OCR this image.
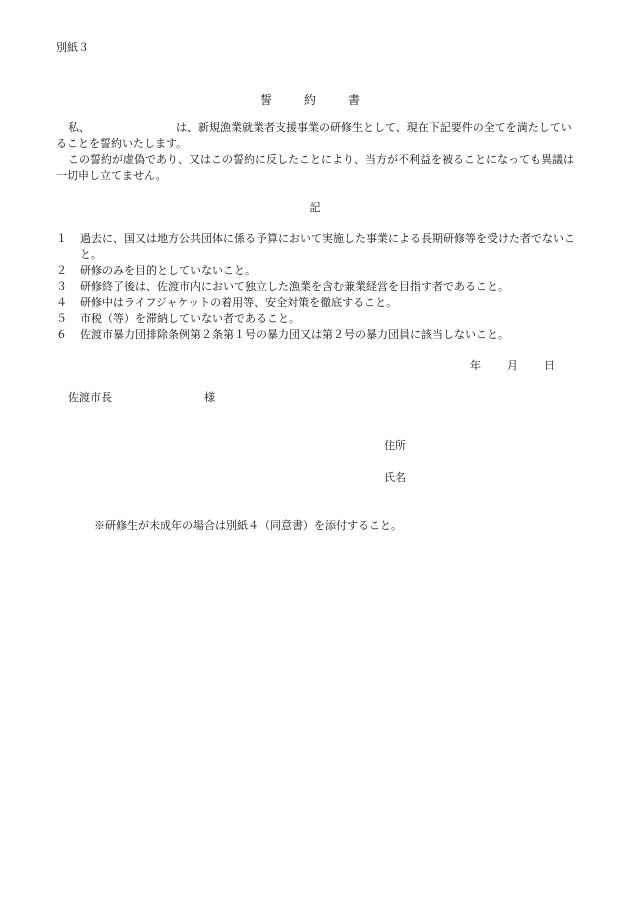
別紙３
誓　約　書
私、	は、新規漁業就業者支援事業の研修生として、現在下記要件の全てを満たしていることを誓約いたします。
この誓約が虚偽であり、又はこの誓約に反したことにより、当方が不利益を被ることになっても異議は一切申し立てません。
記
１	過去に、国又は地方公共団体に係る予算において実施した事業による長期研修等を受けた者でないこと。
２	研修のみを目的としていないこと。
３	研修終了後は、佐渡市内において独立した漁業を含む兼業経営を目指す者であること。
４	研修中はライフジャケットの着用等、安全対策を徹底すること。
５	市税（等）を滞納していない者であること。
６	佐渡市暴力団排除条例第２条第１号の暴力団又は第２号の暴力団員に該当しないこと。
年 月 日
佐渡市長	様
住所
氏名
※研修生が未成年の場合は別紙４（同意書）を添付すること。
